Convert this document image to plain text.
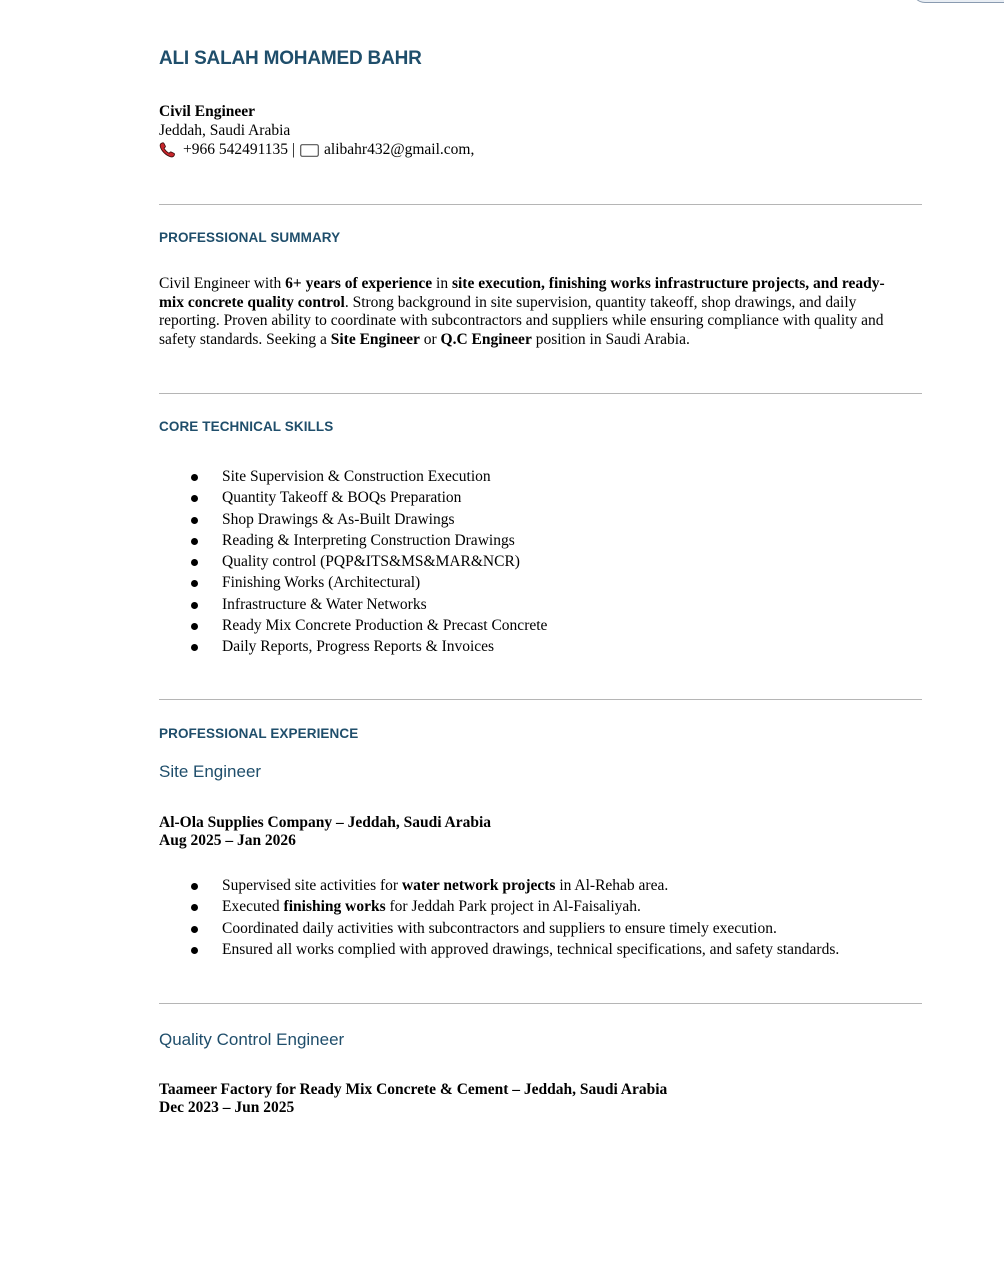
ALI SALAH MOHAMED BAHR
Civil Engineer
Jeddah, Saudi Arabia
+966 542491135 | alibahr432@gmail.com,
PROFESSIONAL SUMMARY

Civil Engineer with 6+ years of experience in site execution, finishing works infrastructure projects, and ready-mix concrete quality control. Strong background in site supervision, quantity takeoff, shop drawings, and daily reporting. Proven ability to coordinate with subcontractors and suppliers while ensuring compliance with quality and safety standards. Seeking a Site Engineer or Q.C Engineer position in Saudi Arabia.

CORE TECHNICAL SKILLS
Site Supervision & Construction Execution
Quantity Takeoff & BOQs Preparation
Shop Drawings & As-Built Drawings
Reading & Interpreting Construction Drawings
Quality control (PQP&ITS&MS&MAR&NCR)
Finishing Works (Architectural)
Infrastructure & Water Networks
Ready Mix Concrete Production & Precast Concrete
Daily Reports, Progress Reports & Invoices
PROFESSIONAL EXPERIENCE
Site Engineer
Al-Ola Supplies Company – Jeddah, Saudi Arabia
Aug 2025 – Jan 2026
Supervised site activities for water network projects in Al-Rehab area.
Executed finishing works for Jeddah Park project in Al-Faisaliyah.
Coordinated daily activities with subcontractors and suppliers to ensure timely execution.
Ensured all works complied with approved drawings, technical specifications, and safety standards.
Quality Control Engineer
Taameer Factory for Ready Mix Concrete & Cement – Jeddah, Saudi Arabia
Dec 2023 – Jun 2025
